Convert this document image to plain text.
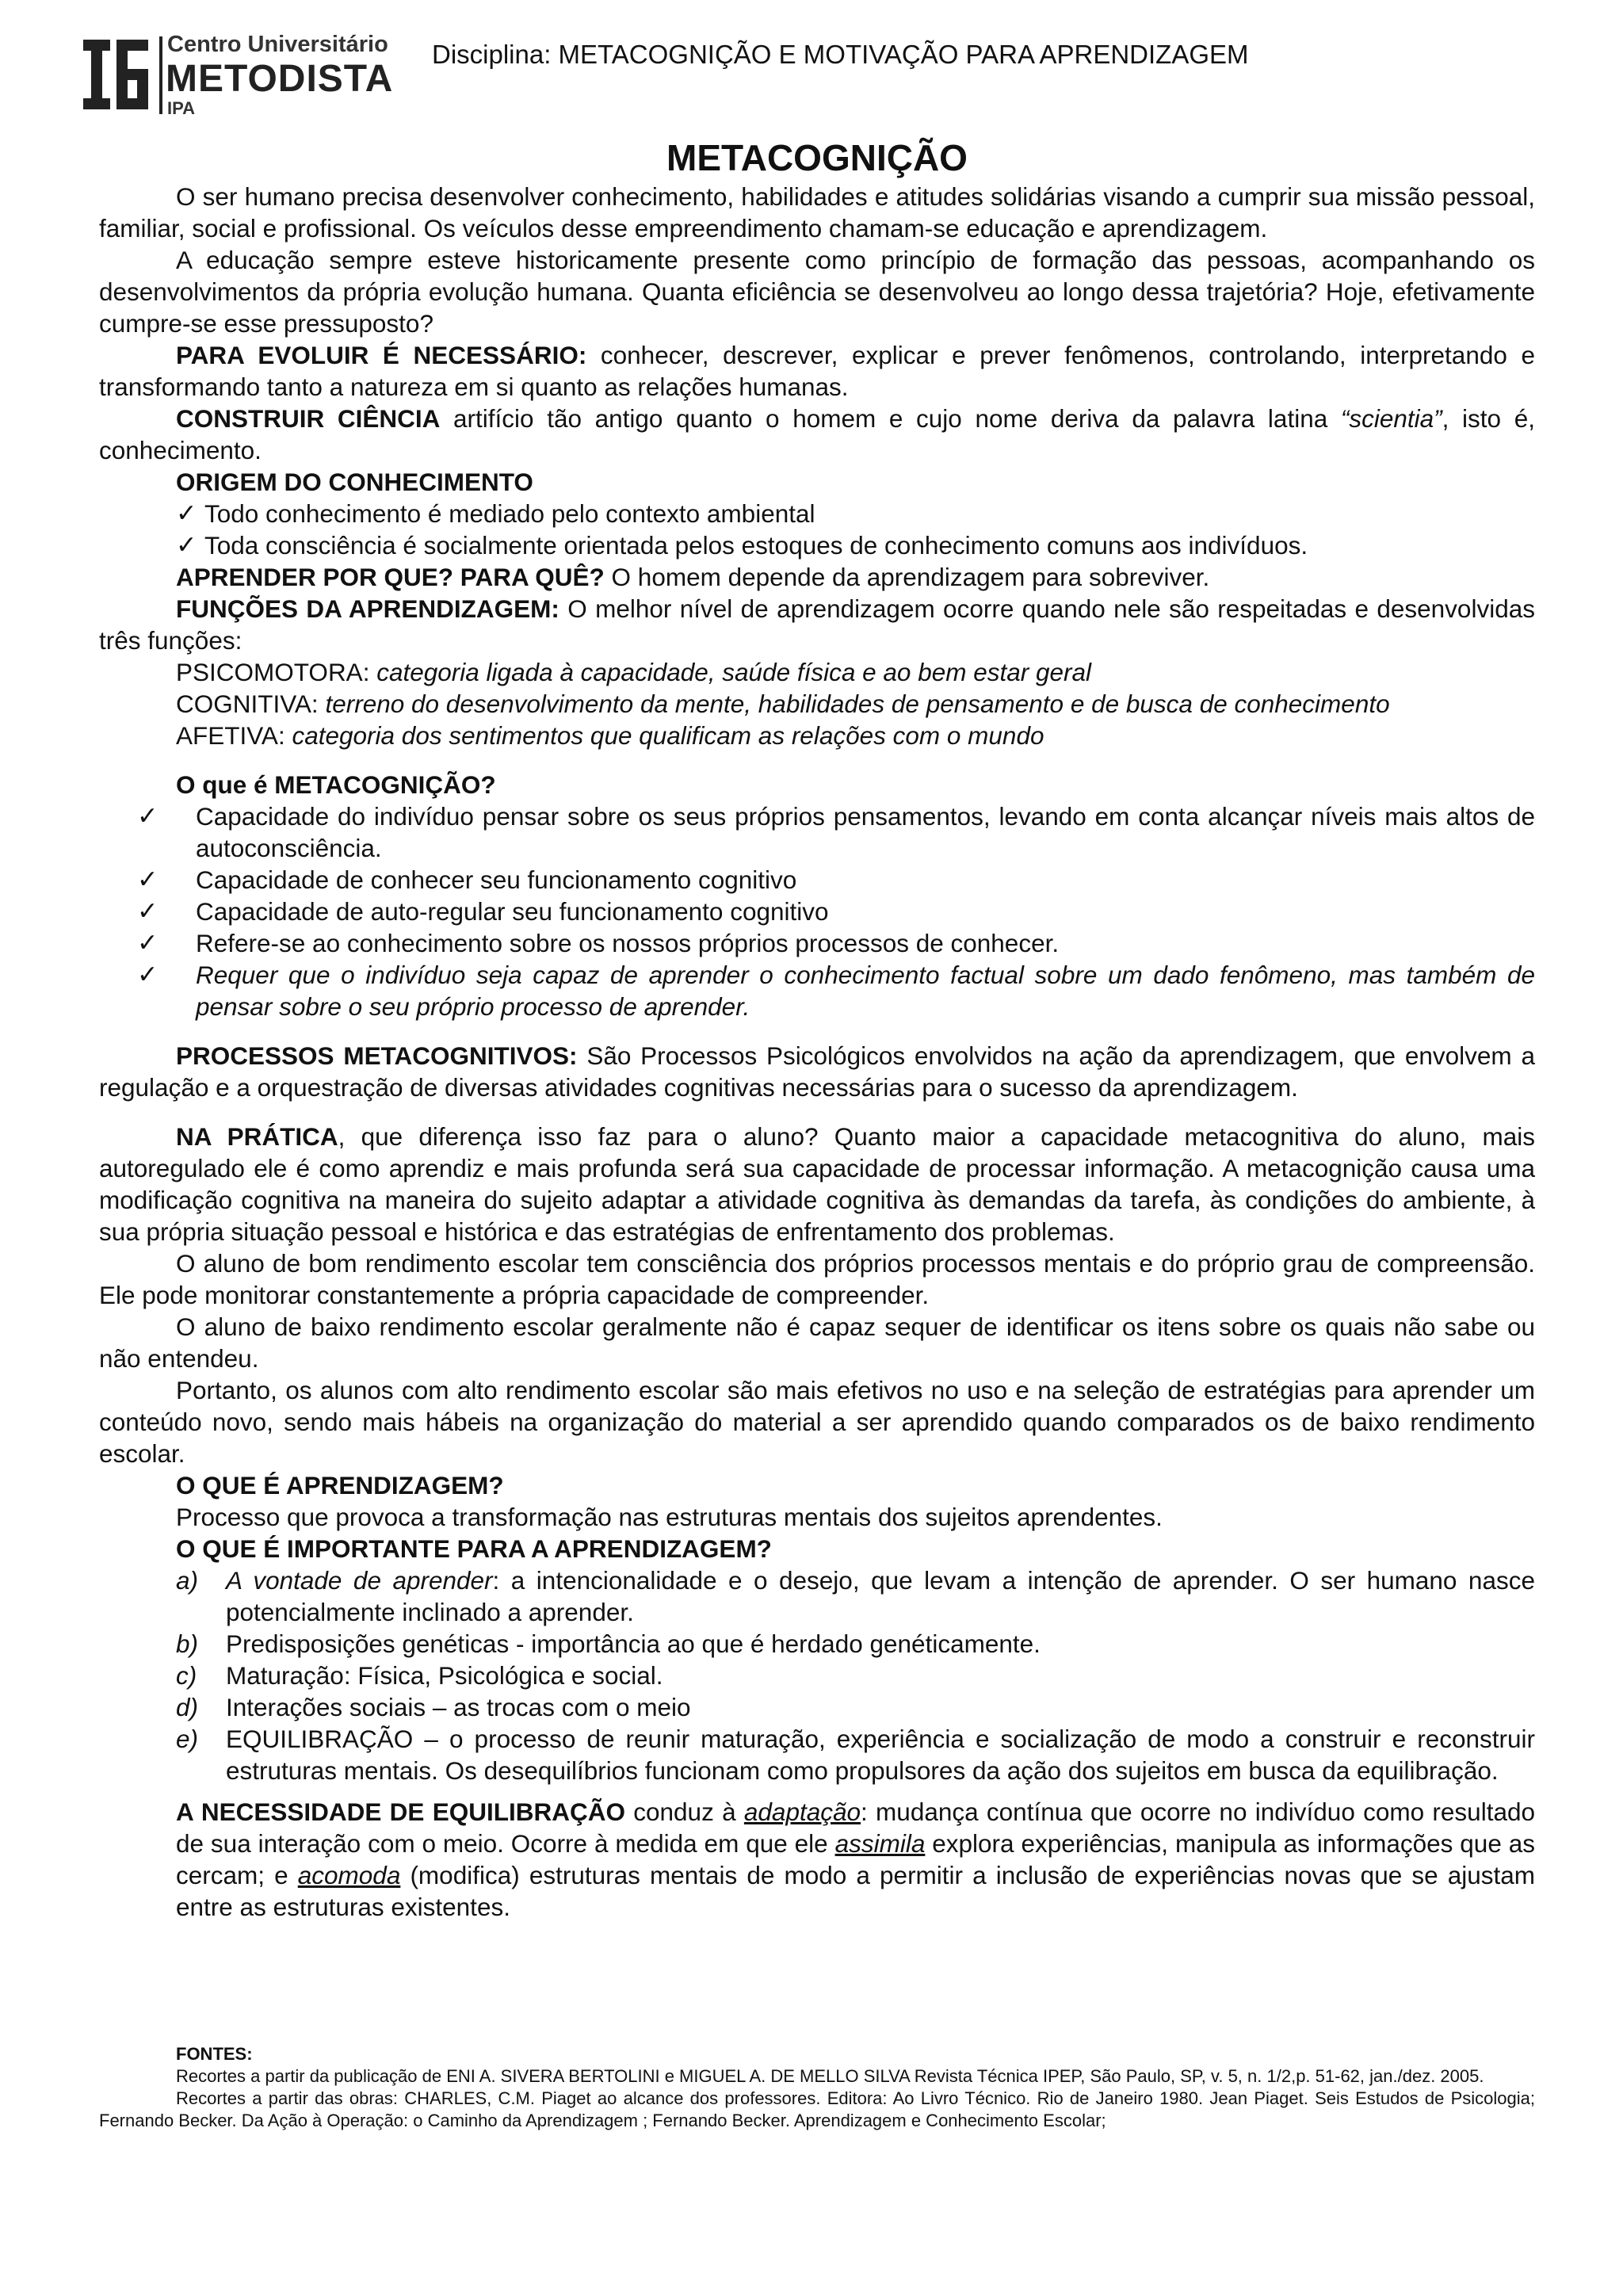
Centro Universitário
METODISTA
IPA
Disciplina: METACOGNIÇÃO E MOTIVAÇÃO PARA APRENDIZAGEM
METACOGNIÇÃO

O ser humano precisa desenvolver conhecimento, habilidades e atitudes solidárias visando a cumprir sua missão pessoal, familiar, social e profissional. Os veículos desse empreendimento chamam-se educação e aprendizagem.

A educação sempre esteve historicamente presente como princípio de formação das pessoas, acompanhando os desenvolvimentos da própria evolução humana. Quanta eficiência se desenvolveu ao longo dessa trajetória? Hoje, efetivamente cumpre-se esse pressuposto?

PARA EVOLUIR É NECESSÁRIO: conhecer, descrever, explicar e prever fenômenos, controlando, interpretando e transformando tanto a natureza em si quanto as relações humanas.

CONSTRUIR CIÊNCIA artifício tão antigo quanto o homem e cujo nome deriva da palavra latina “scientia”, isto é, conhecimento.

ORIGEM DO CONHECIMENTO

✓ Todo conhecimento é mediado pelo contexto ambiental
✓ Toda consciência é socialmente orientada pelos estoques de conhecimento comuns aos indivíduos.

APRENDER POR QUE? PARA QUÊ? O homem depende da aprendizagem para sobreviver.

FUNÇÕES DA APRENDIZAGEM: O melhor nível de aprendizagem ocorre quando nele são respeitadas e desenvolvidas três funções:

PSICOMOTORA: categoria ligada à capacidade, saúde física e ao bem estar geral

COGNITIVA: terreno do desenvolvimento da mente, habilidades de pensamento e de busca de conhecimento

AFETIVA: categoria dos sentimentos que qualificam as relações com o mundo

O que é METACOGNIÇÃO?

✓ Capacidade do indivíduo pensar sobre os seus próprios pensamentos, levando em conta alcançar níveis mais altos de autoconsciência.
✓ Capacidade de conhecer seu funcionamento cognitivo
✓ Capacidade de auto-regular seu funcionamento cognitivo
✓ Refere-se ao conhecimento sobre os nossos próprios processos de conhecer.
✓ Requer que o indivíduo seja capaz de aprender o conhecimento factual sobre um dado fenômeno, mas também de pensar sobre o seu próprio processo de aprender.

PROCESSOS METACOGNITIVOS: São Processos Psicológicos envolvidos na ação da aprendizagem, que envolvem a regulação e a orquestração de diversas atividades cognitivas necessárias para o sucesso da aprendizagem.

NA PRÁTICA, que diferença isso faz para o aluno? Quanto maior a capacidade metacognitiva do aluno, mais autoregulado ele é como aprendiz e mais profunda será sua capacidade de processar informação. A metacognição causa uma modificação cognitiva na maneira do sujeito adaptar a atividade cognitiva às demandas da tarefa, às condições do ambiente, à sua própria situação pessoal e histórica e das estratégias de enfrentamento dos problemas.

O aluno de bom rendimento escolar tem consciência dos próprios processos mentais e do próprio grau de compreensão. Ele pode monitorar constantemente a própria capacidade de compreender.

O aluno de baixo rendimento escolar geralmente não é capaz sequer de identificar os itens sobre os quais não sabe ou não entendeu.

Portanto, os alunos com alto rendimento escolar são mais efetivos no uso e na seleção de estratégias para aprender um conteúdo novo, sendo mais hábeis na organização do material a ser aprendido quando comparados os de baixo rendimento escolar.

O QUE É APRENDIZAGEM?

Processo que provoca a transformação nas estruturas mentais dos sujeitos aprendentes.

O QUE É IMPORTANTE PARA A APRENDIZAGEM?

a) A vontade de aprender: a intencionalidade e o desejo, que levam a intenção de aprender. O ser humano nasce potencialmente inclinado a aprender.
b) Predisposições genéticas - importância ao que é herdado genéticamente.
c) Maturação: Física, Psicológica e social.
d) Interações sociais – as trocas com o meio
e) EQUILIBRAÇÃO – o processo de reunir maturação, experiência e socialização de modo a construir e reconstruir estruturas mentais. Os desequilíbrios funcionam como propulsores da ação dos sujeitos em busca da equilibração.

A NECESSIDADE DE EQUILIBRAÇÃO conduz à adaptação: mudança contínua que ocorre no indivíduo como resultado de sua interação com o meio. Ocorre à medida em que ele assimila explora experiências, manipula as informações que as cercam; e acomoda (modifica) estruturas mentais de modo a permitir a inclusão de experiências novas que se ajustam entre as estruturas existentes.

FONTES:

Recortes a partir da publicação de ENI A. SIVERA BERTOLINI e MIGUEL A. DE MELLO SILVA Revista Técnica IPEP, São Paulo, SP, v. 5, n. 1/2,p. 51-62, jan./dez. 2005.

Recortes a partir das obras: CHARLES, C.M. Piaget ao alcance dos professores. Editora: Ao Livro Técnico. Rio de Janeiro 1980. Jean Piaget. Seis Estudos de Psicologia; Fernando Becker. Da Ação à Operação: o Caminho da Aprendizagem ; Fernando Becker. Aprendizagem e Conhecimento Escolar;
